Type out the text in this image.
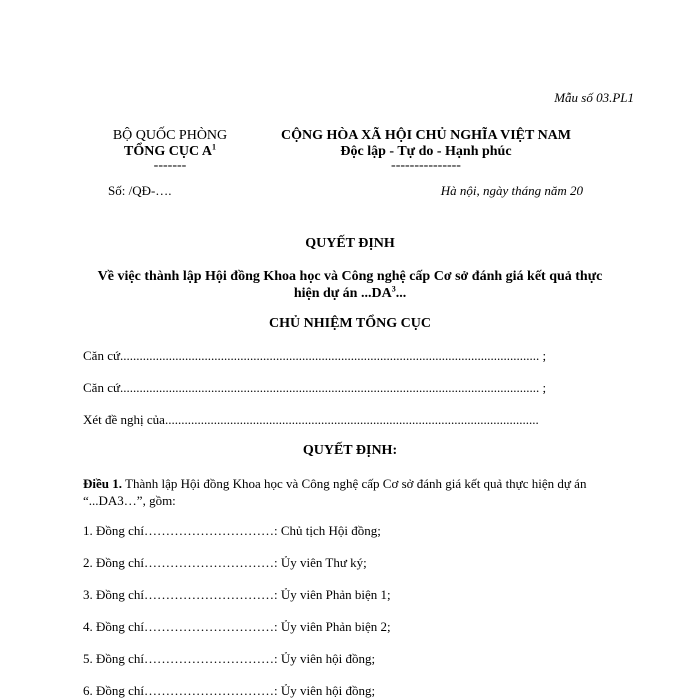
Mẫu số 03.PL1
BỘ QUỐC PHÒNG
TỔNG CỤC $A^1$
-------
CỘNG HÒA XÃ HỘI CHỦ NGHĨA VIỆT NAM
Độc lập - Tự do - Hạnh phúc
---------------
Số: /QĐ-….	Hà nội, ngày tháng năm 20
QUYẾT ĐỊNH
Về việc thành lập Hội đồng Khoa học và Công nghệ cấp Cơ sở đánh giá kết quả thực hiện dự án $...DA^3$...
CHỦ NHIỆM TỔNG CỤC
Căn cứ................................................................................................................................. ;
Căn cứ................................................................................................................................. ;
Xét đề nghị của...................................................................................................................
QUYẾT ĐỊNH:
Điều 1. Thành lập Hội đồng Khoa học và Công nghệ cấp Cơ sở đánh giá kết quả thực hiện dự án “...DA3…”, gồm:
1. Đồng chí…………………………: Chủ tịch Hội đồng;
2. Đồng chí…………………………: Ủy viên Thư ký;
3. Đồng chí…………………………: Ủy viên Phản biện 1;
4. Đồng chí…………………………: Ủy viên Phản biện 2;
5. Đồng chí…………………………: Ủy viên hội đồng;
6. Đồng chí…………………………: Ủy viên hội đồng;
